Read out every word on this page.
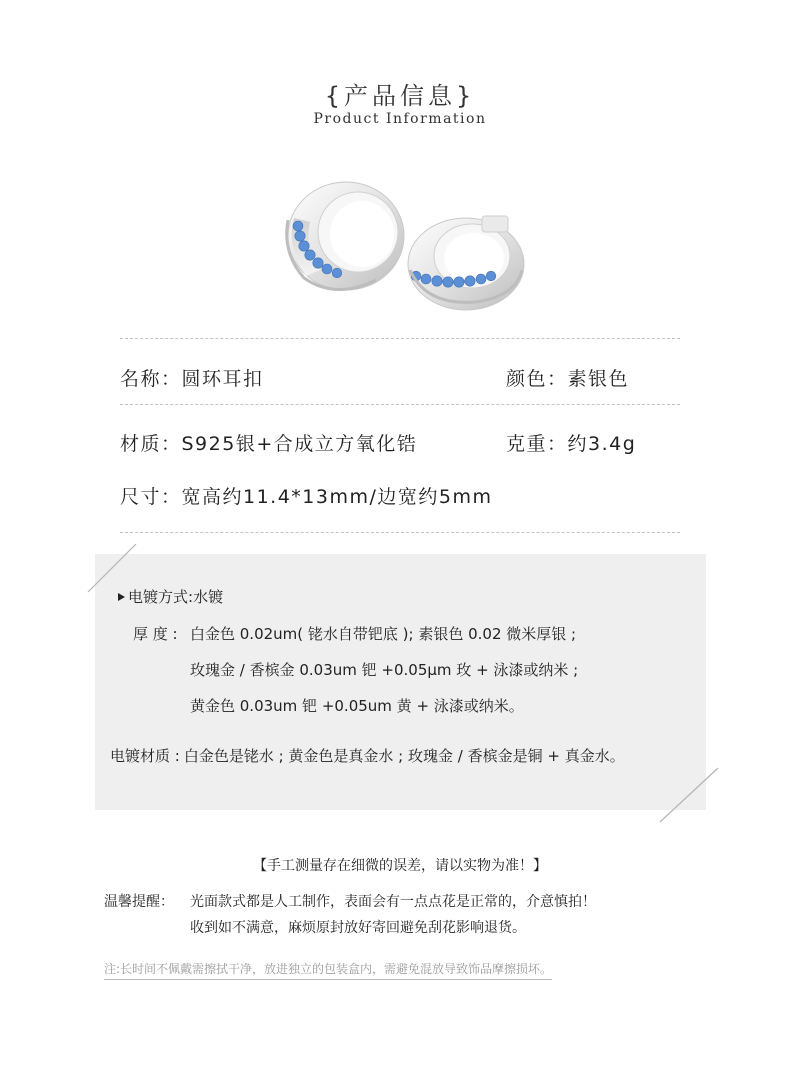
{产品信息}
Product Information
名称：圆环耳扣	颜色：素银色
材质：S925银+合成立方氧化锆	克重：约3.4g
尺寸：宽高约11.4*13mm/边宽约5mm
电镀方式:水镀
厚 度 : 白金色 0.02um( 铑水自带钯底 ); 素银色 0.02 微米厚银 ;
玫瑰金 / 香槟金 0.03um 钯 +0.05μm 玫 + 泳漆或纳米 ;
黄金色 0.03um 钯 +0.05um 黄 + 泳漆或纳米。
电镀材质 : 白金色是铑水 ; 黄金色是真金水 ; 玫瑰金 / 香槟金是铜 + 真金水。
【手工测量存在细微的误差，请以实物为准！】
温馨提醒： 光面款式都是人工制作，表面会有一点点花是正常的，介意慎拍！
收到如不满意，麻烦原封放好寄回避免刮花影响退货。
注:长时间不佩戴需擦拭干净，放进独立的包装盒内，需避免混放导致饰品摩擦损坏。
